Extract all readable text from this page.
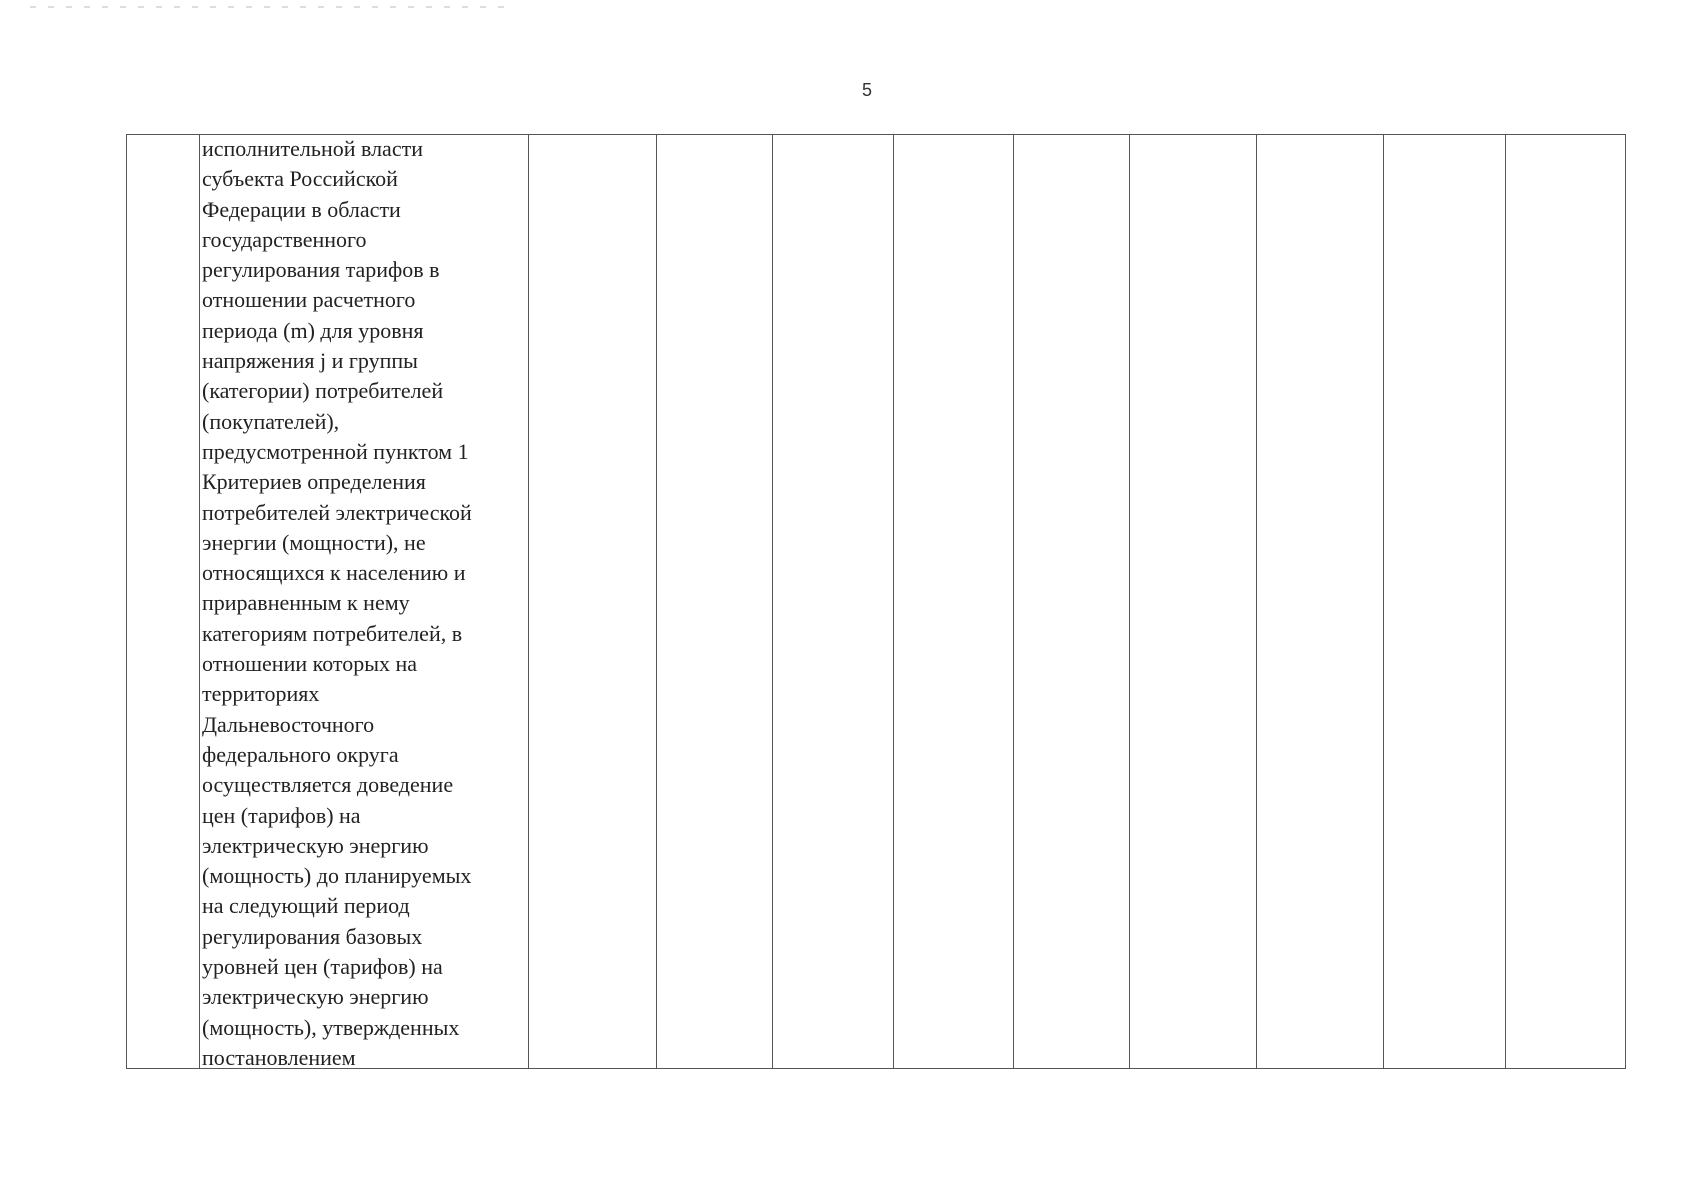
5
исполнительной власти
субъекта Российской
Федерации в области
государственного
регулирования тарифов в
отношении расчетного
периода (m) для уровня
напряжения j и группы
(категории) потребителей
(покупателей),
предусмотренной пунктом 1
Критериев определения
потребителей электрической
энергии (мощности), не
относящихся к населению и
приравненным к нему
категориям потребителей, в
отношении которых на
территориях
Дальневосточного
федерального округа
осуществляется доведение
цен (тарифов) на
электрическую энергию
(мощность) до планируемых
на следующий период
регулирования базовых
уровней цен (тарифов) на
электрическую энергию
(мощность), утвержденных
постановлением
